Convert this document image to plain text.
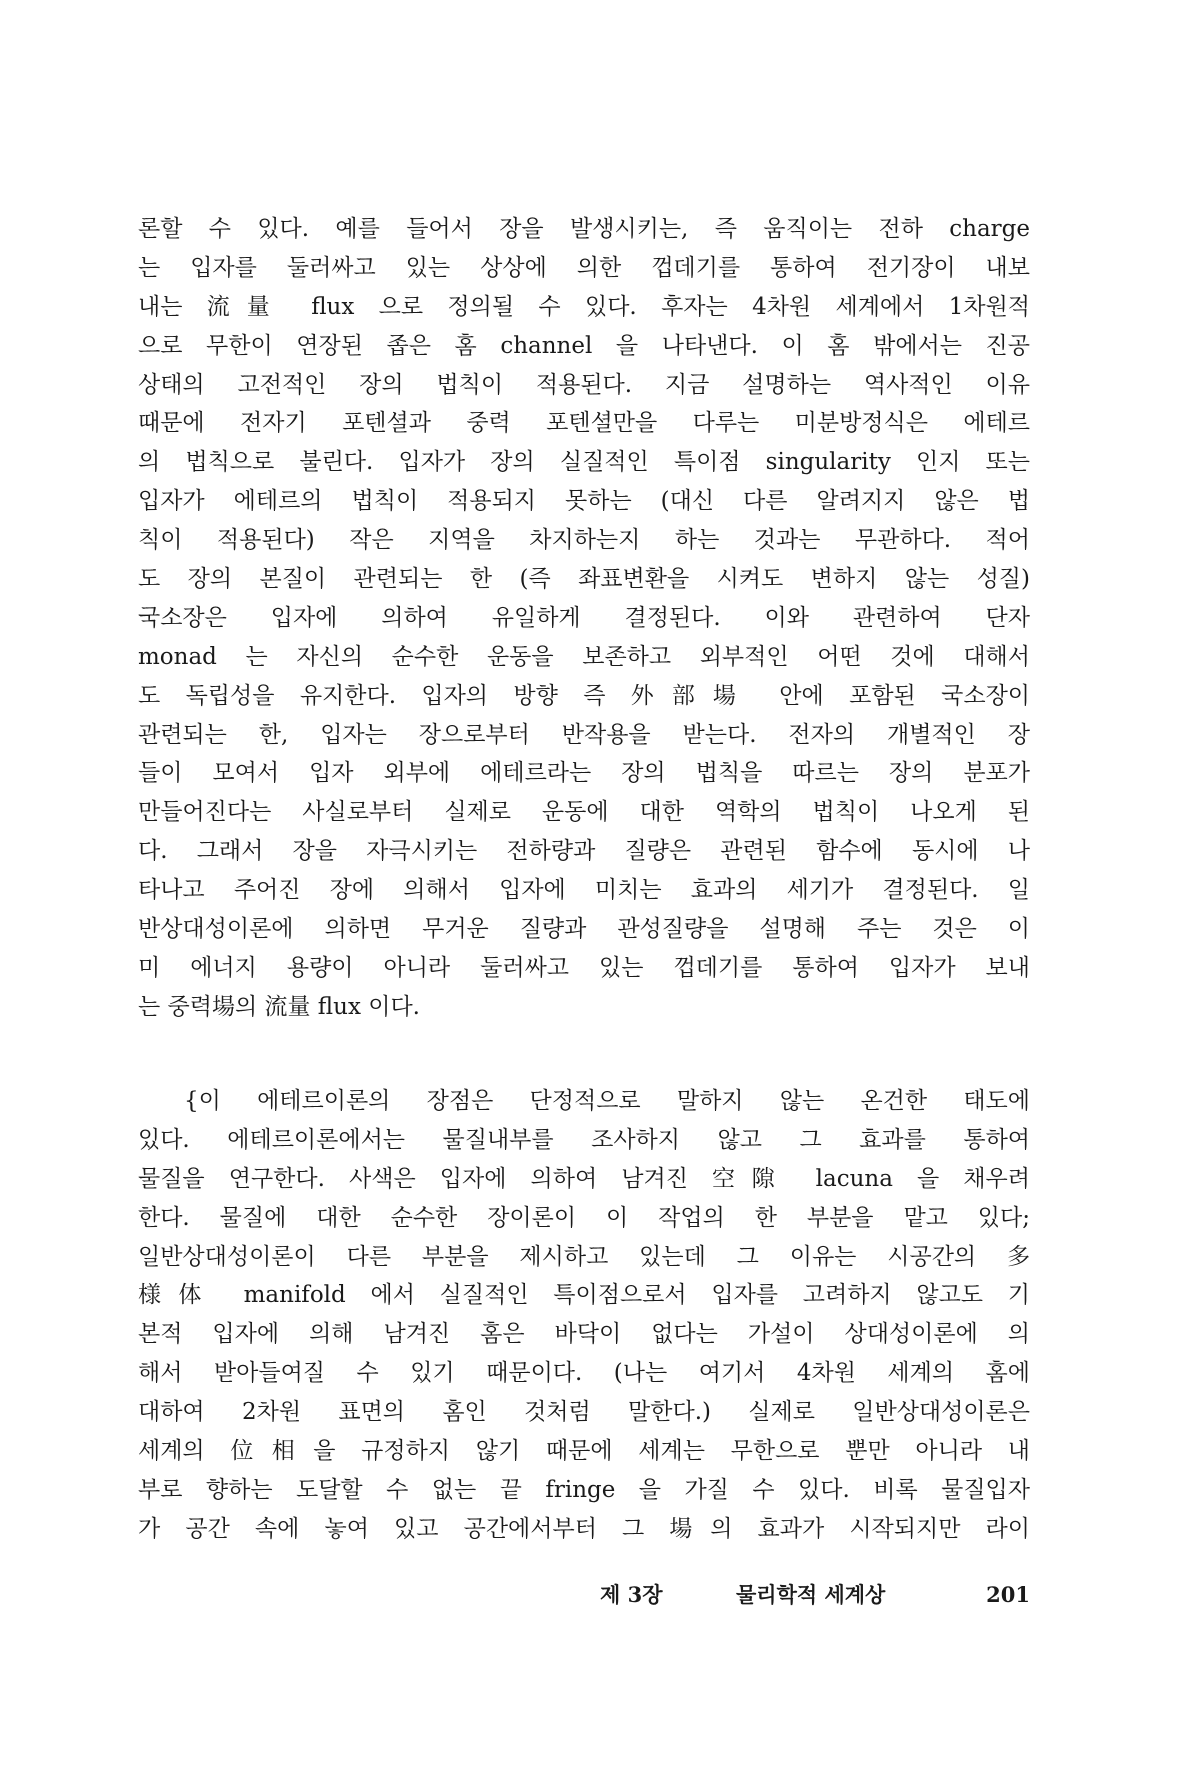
론할 수 있다. 예를 들어서 장을 발생시키는, 즉 움직이는 전하 charge
는 입자를 둘러싸고 있는 상상에 의한 껍데기를 통하여 전기장이 내보
내는 流量 flux 으로 정의될 수 있다. 후자는 4차원 세계에서 1차원적
으로 무한이 연장된 좁은 홈 channel 을 나타낸다. 이 홈 밖에서는 진공
상태의 고전적인 장의 법칙이 적용된다. 지금 설명하는 역사적인 이유
때문에 전자기 포텐셜과 중력 포텐셜만을 다루는 미분방정식은 에테르
의 법칙으로 불린다. 입자가 장의 실질적인 특이점 singularity 인지 또는
입자가 에테르의 법칙이 적용되지 못하는 (대신 다른 알려지지 않은 법
칙이 적용된다) 작은 지역을 차지하는지 하는 것과는 무관하다. 적어
도 장의 본질이 관련되는 한 (즉 좌표변환을 시켜도 변하지 않는 성질)
국소장은 입자에 의하여 유일하게 결정된다. 이와 관련하여 단자
monad 는 자신의 순수한 운동을 보존하고 외부적인 어떤 것에 대해서
도 독립성을 유지한다. 입자의 방향 즉 外部場 안에 포함된 국소장이
관련되는 한, 입자는 장으로부터 반작용을 받는다. 전자의 개별적인 장
들이 모여서 입자 외부에 에테르라는 장의 법칙을 따르는 장의 분포가
만들어진다는 사실로부터 실제로 운동에 대한 역학의 법칙이 나오게 된
다. 그래서 장을 자극시키는 전하량과 질량은 관련된 함수에 동시에 나
타나고 주어진 장에 의해서 입자에 미치는 효과의 세기가 결정된다. 일
반상대성이론에 의하면 무거운 질량과 관성질량을 설명해 주는 것은 이
미 에너지 용량이 아니라 둘러싸고 있는 껍데기를 통하여 입자가 보내
는 중력場의 流量 flux 이다.
{이 에테르이론의 장점은 단정적으로 말하지 않는 온건한 태도에
있다. 에테르이론에서는 물질내부를 조사하지 않고 그 효과를 통하여
물질을 연구한다. 사색은 입자에 의하여 남겨진 空隙 lacuna 을 채우려
한다. 물질에 대한 순수한 장이론이 이 작업의 한 부분을 맡고 있다;
일반상대성이론이 다른 부분을 제시하고 있는데 그 이유는 시공간의 多
様体 manifold 에서 실질적인 특이점으로서 입자를 고려하지 않고도 기
본적 입자에 의해 남겨진 홈은 바닥이 없다는 가설이 상대성이론에 의
해서 받아들여질 수 있기 때문이다. (나는 여기서 4차원 세계의 홈에
대하여 2차원 표면의 홈인 것처럼 말한다.) 실제로 일반상대성이론은
세계의 位相을 규정하지 않기 때문에 세계는 무한으로 뿐만 아니라 내
부로 향하는 도달할 수 없는 끝 fringe 을 가질 수 있다. 비록 물질입자
가 공간 속에 놓여 있고 공간에서부터 그 場의 효과가 시작되지만 라이
제 3장	물리학적 세계상	201
